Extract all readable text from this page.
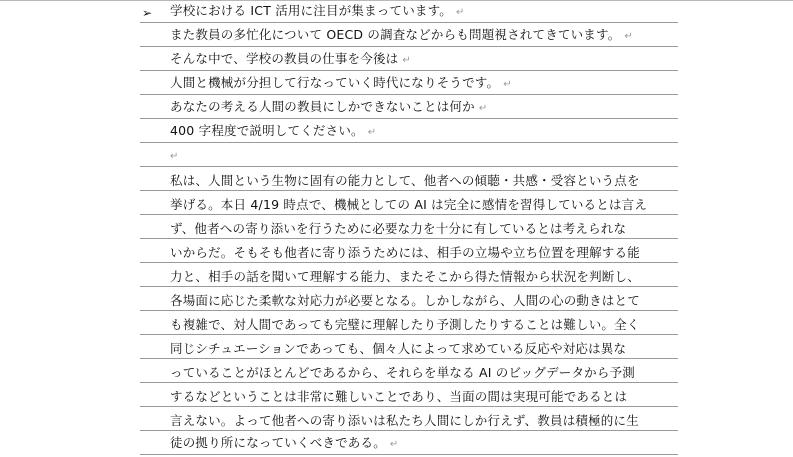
➢ 学校における ICT 活用に注目が集まっています。 ↵
また教員の多忙化について OECD の調査などからも問題視されてきています。 ↵
そんな中で、学校の教員の仕事を今後は ↵
人間と機械が分担して行なっていく時代になりそうです。 ↵
あなたの考える人間の教員にしかできないことは何か ↵
400 字程度で説明してください。 ↵
↵
私は、人間という生物に固有の能力として、他者への傾聴・共感・受容という点を
挙げる。本日 4/19 時点で、機械としての AI は完全に感情を習得しているとは言え
ず、他者への寄り添いを行うために必要な力を十分に有しているとは考えられな
いからだ。そもそも他者に寄り添うためには、相手の立場や立ち位置を理解する能
力と、相手の話を聞いて理解する能力、またそこから得た情報から状況を判断し、
各場面に応じた柔軟な対応力が必要となる。しかしながら、人間の心の動きはとて
も複雑で、対人間であっても完璧に理解したり予測したりすることは難しい。全く
同じシチュエーションであっても、個々人によって求めている反応や対応は異な
っていることがほとんどであるから、それらを単なる AI のビッグデータから予測
するなどということは非常に難しいことであり、当面の間は実現可能であるとは
言えない。よって他者への寄り添いは私たち人間にしか行えず、教員は積極的に生
徒の拠り所になっていくべきである。 ↵
